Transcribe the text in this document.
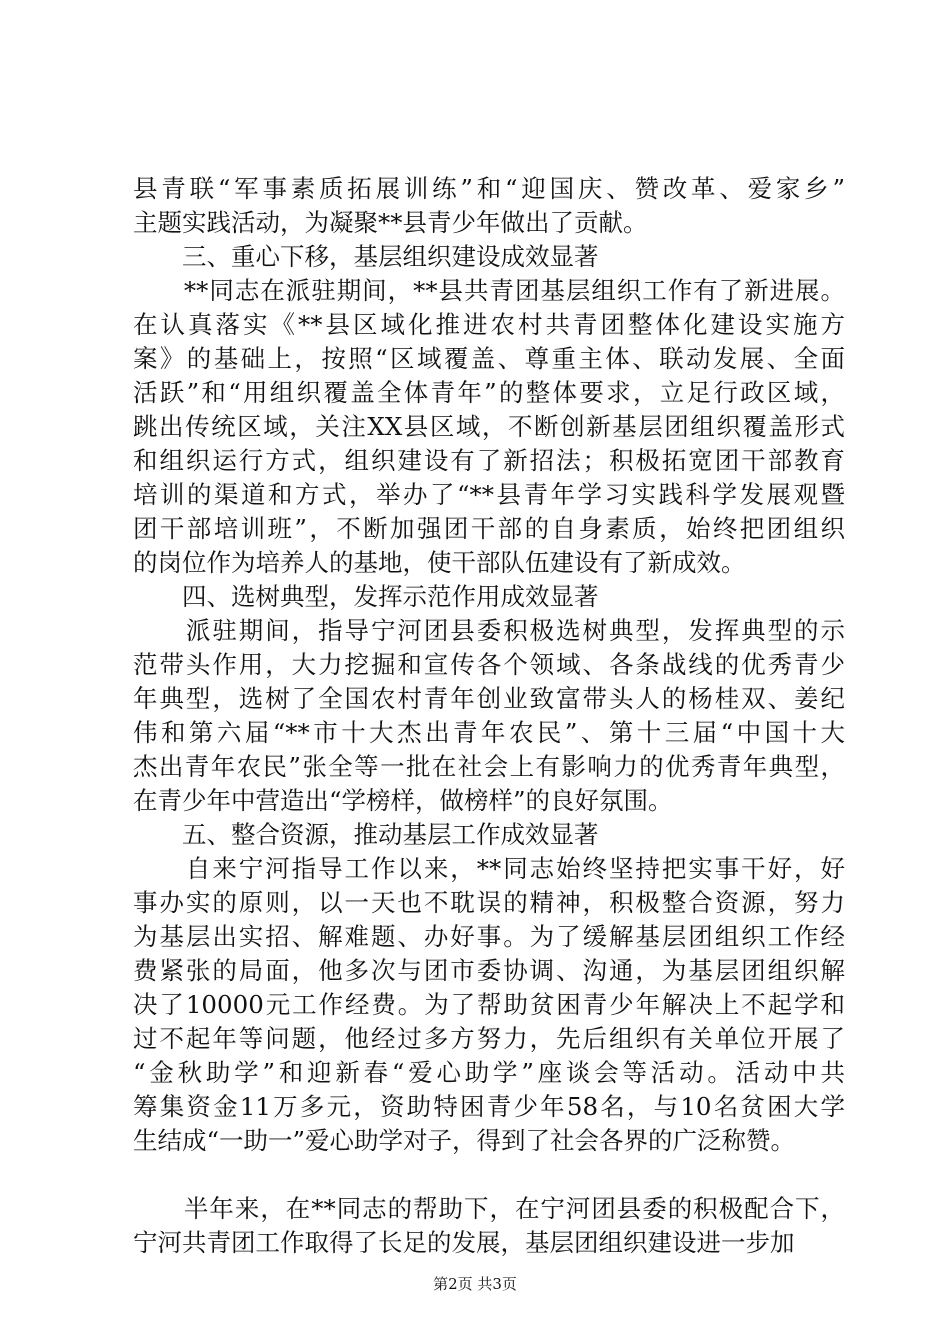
县青联“军事素质拓展训练”和“迎国庆、赞改革、爱家乡”
主题实践活动，为凝聚**县青少年做出了贡献。
　　三、重心下移，基层组织建设成效显著
　　**同志在派驻期间，**县共青团基层组织工作有了新进展。
在认真落实《**县区域化推进农村共青团整体化建设实施方
案》的基础上，按照“区域覆盖、尊重主体、联动发展、全面
活跃”和“用组织覆盖全体青年”的整体要求，立足行政区域，
跳出传统区域，关注XX县区域，不断创新基层团组织覆盖形式
和组织运行方式，组织建设有了新招法；积极拓宽团干部教育
培训的渠道和方式，举办了“**县青年学习实践科学发展观暨
团干部培训班”，不断加强团干部的自身素质，始终把团组织
的岗位作为培养人的基地，使干部队伍建设有了新成效。
　　四、选树典型，发挥示范作用成效显著
　　派驻期间，指导宁河团县委积极选树典型，发挥典型的示
范带头作用，大力挖掘和宣传各个领域、各条战线的优秀青少
年典型，选树了全国农村青年创业致富带头人的杨桂双、姜纪
伟和第六届“**市十大杰出青年农民”、第十三届“中国十大
杰出青年农民”张全等一批在社会上有影响力的优秀青年典型，
在青少年中营造出“学榜样，做榜样”的良好氛围。
　　五、整合资源，推动基层工作成效显著
　　自来宁河指导工作以来，**同志始终坚持把实事干好，好
事办实的原则，以一天也不耽误的精神，积极整合资源，努力
为基层出实招、解难题、办好事。为了缓解基层团组织工作经
费紧张的局面，他多次与团市委协调、沟通，为基层团组织解
决了10000元工作经费。为了帮助贫困青少年解决上不起学和
过不起年等问题，他经过多方努力，先后组织有关单位开展了
“金秋助学”和迎新春“爱心助学”座谈会等活动。活动中共
筹集资金11万多元，资助特困青少年58名，与10名贫困大学
生结成“一助一”爱心助学对子，得到了社会各界的广泛称赞。
　　半年来，在**同志的帮助下，在宁河团县委的积极配合下，
宁河共青团工作取得了长足的发展，基层团组织建设进一步加
第2页 共3页
